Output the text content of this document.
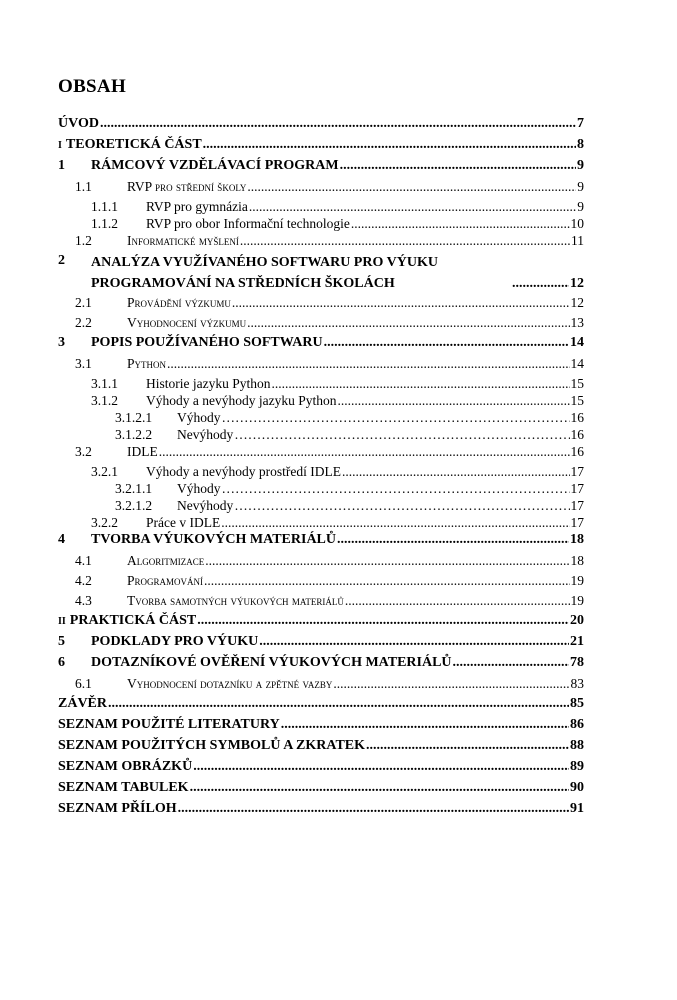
OBSAH
ÚVOD .....	7
I TEORETICKÁ ČÁST .....	8
1	RÁMCOVÝ VZDĚLÁVACÍ PROGRAM .....	9
1.1	RVP pro střední školy .....	9
1.1.1	RVP pro gymnázia .....	9
1.1.2	RVP pro obor Informační technologie .....	10
1.2	Informatické myšlení .....	11
2	ANALÝZA VYUŽÍVANÉHO SOFTWARU PRO VÝUKU
PROGRAMOVÁNÍ NA STŘEDNÍCH ŠKOLÁCH .....	12
2.1	Provádění výzkumu .....	12
2.2	Vyhodnocení výzkumu .....	13
3	POPIS POUŽÍVANÉHO SOFTWARU .....	14
3.1	Python .....	14
3.1.1	Historie jazyku Python .....	15
3.1.2	Výhody a nevýhody jazyku Python .....	15
3.1.2.1	Výhody …………………………………………………………………………………………………………………………………………………………………	16
3.1.2.2	Nevýhody …………………………………………………………………………………………………………………………………………………………………	16
3.2	IDLE .....	16
3.2.1	Výhody a nevýhody prostředí IDLE .....	17
3.2.1.1	Výhody …………………………………………………………………………………………………………………………………………………………………	17
3.2.1.2	Nevýhody …………………………………………………………………………………………………………………………………………………………………	17
3.2.2	Práce v IDLE .....	17
4	TVORBA VÝUKOVÝCH MATERIÁLŮ .....	18
4.1	Algoritmizace .....	18
4.2	Programování .....	19
4.3	Tvorba samotných výukových materiálů .....	19
II PRAKTICKÁ ČÁST .....	20
5	PODKLADY PRO VÝUKU .....	21
6	DOTAZNÍKOVÉ OVĚŘENÍ VÝUKOVÝCH MATERIÁLŮ .....	78
6.1	Vyhodnocení dotazníku a zpětné vazby .....	83
ZÁVĚR .....	85
SEZNAM POUŽITÉ LITERATURY .....	86
SEZNAM POUŽITÝCH SYMBOLŮ A ZKRATEK .....	88
SEZNAM OBRÁZKŮ .....	89
SEZNAM TABULEK .....	90
SEZNAM PŘÍLOH .....	91
